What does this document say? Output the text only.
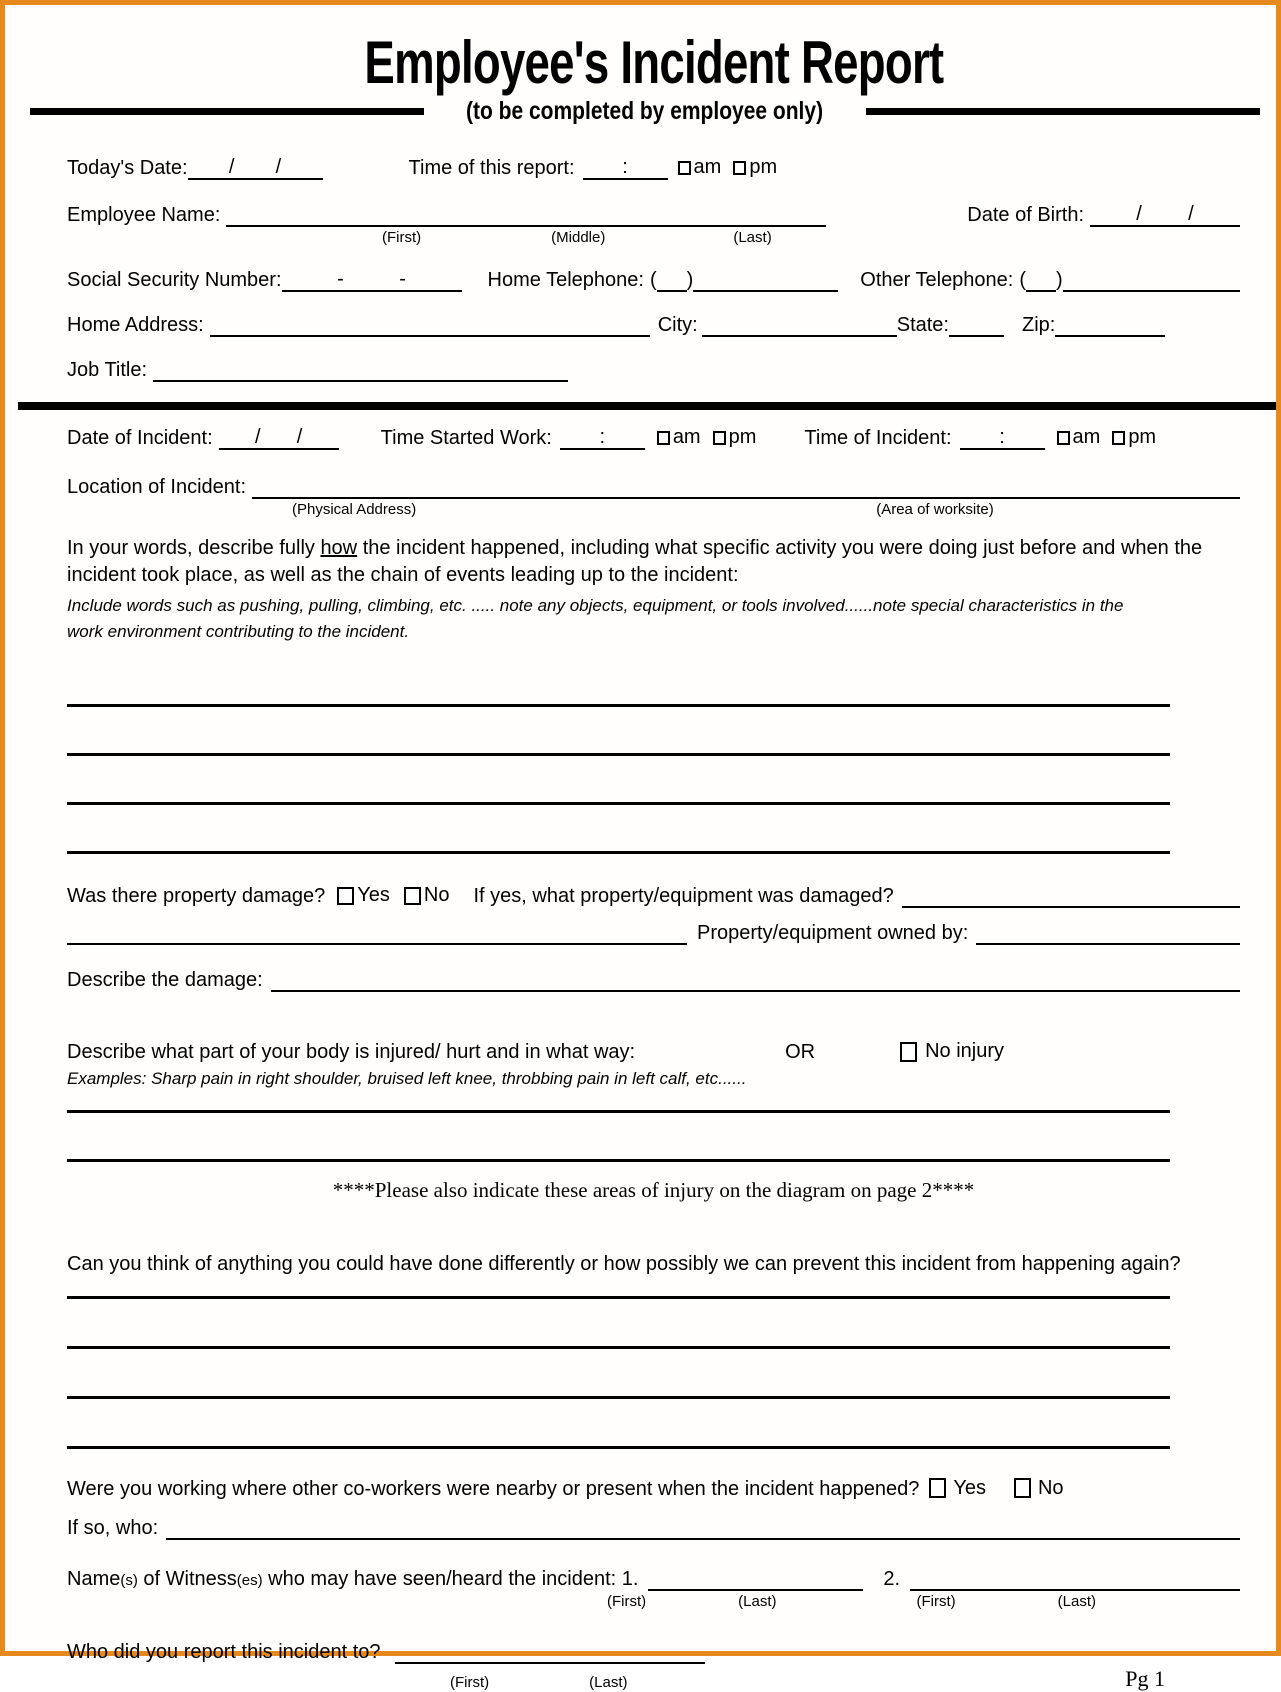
Employee's Incident Report
(to be completed by employee only)
Today's Date: / /	Time of this report: :	am pm
Employee Name:	Date of Birth:	/ /
(First)	(Middle)	(Last)
Social Security Number:	-	-	Home Telephone: ( )	Other Telephone: ( )
Home Address:	City:	State:	Zip:
Job Title:
Date of Incident: / /	Time Started Work: :	am pm Time of Incident: :	am pm
Location of Incident:
(Physical Address)	(Area of worksite)

In your words, describe fully how the incident happened, including what specific activity you were doing just before and when the incident took place, as well as the chain of events leading up to the incident:

Include words such as pushing, pulling, climbing, etc. ..... note any objects, equipment, or tools involved......note special characteristics in the work environment contributing to the incident.
Was there property damage? Yes No If yes, what property/equipment was damaged?
Property/equipment owned by:
Describe the damage:
Describe what part of your body is injured/ hurt and in what way:	OR	No injury
Examples: Sharp pain in right shoulder, bruised left knee, throbbing pain in left calf, etc......
****Please also indicate these areas of injury on the diagram on page 2****
Can you think of anything you could have done differently or how possibly we can prevent this incident from happening again?
Were you working where other co-workers were nearby or present when the incident happened? Yes	No
If so, who:
Name(s) of Witness(es) who may have seen/heard the incident: 1.	2.
(First)	(Last)	(First)	(Last)
Who did you report this incident to?
(First)	(Last)	Pg 1
